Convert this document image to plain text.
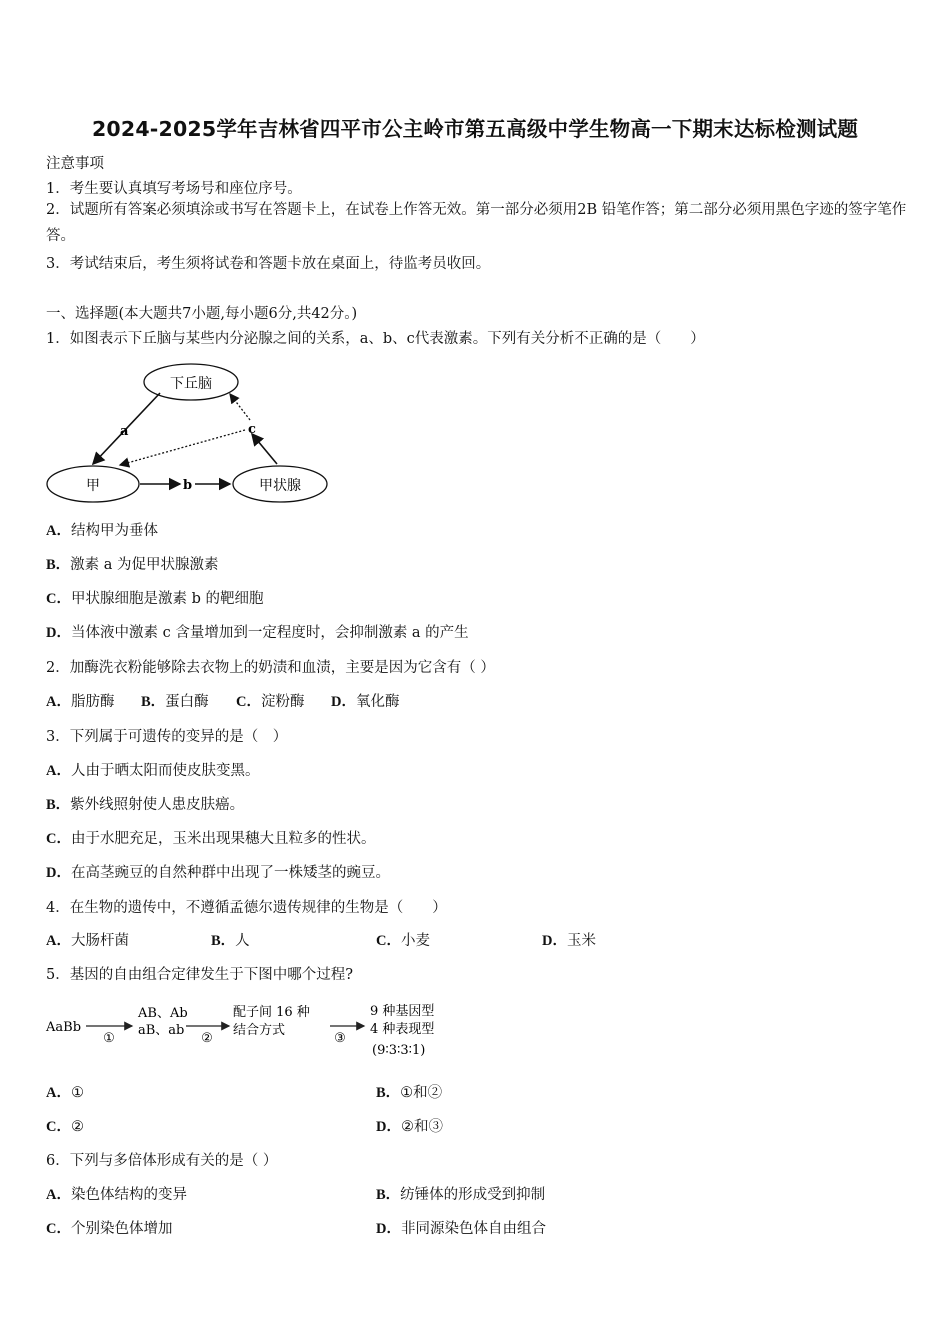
2024-2025学年吉林省四平市公主岭市第五高级中学生物高一下期末达标检测试题
注意事项
1．考生要认真填写考场号和座位序号。
2．试题所有答案必须填涂或书写在答题卡上，在试卷上作答无效。第一部分必须用2B 铅笔作答；第二部分必须用黑色字迹的签字笔作答。
3．考试结束后，考生须将试卷和答题卡放在桌面上，待监考员收回。
一、选择题(本大题共7小题,每小题6分,共42分。)
1．如图表示下丘脑与某些内分泌腺之间的关系，a、b、c代表激素。下列有关分析不正确的是（　　）
下丘脑
甲	甲状腺
a
b
c
A．结构甲为垂体
B．激素 a 为促甲状腺激素
C．甲状腺细胞是激素 b 的靶细胞
D．当体液中激素 c 含量增加到一定程度时，会抑制激素 a 的产生
2．加酶洗衣粉能够除去衣物上的奶渍和血渍，主要是因为它含有（ ）
A．脂肪酶 B．蛋白酶 C．淀粉酶 D．氧化酶
3．下列属于可遗传的变异的是（　）
A．人由于晒太阳而使皮肤变黑。
B．紫外线照射使人患皮肤癌。
C．由于水肥充足，玉米出现果穗大且粒多的性状。
D．在高茎豌豆的自然种群中出现了一株矮茎的豌豆。
4．在生物的遗传中，不遵循孟德尔遗传规律的生物是（　　）
A．大肠杆菌	B．人	C．小麦	D．玉米
5．基因的自由组合定律发生于下图中哪个过程?
AaBb
①
AB、Ab
aB、ab
②
配子间 16 种
结合方式
③
9 种基因型
4 种表现型
(9∶3∶3∶1)
A．①	B．①和②
C．②	D．②和③
6．下列与多倍体形成有关的是（ ）
A．染色体结构的变异	B．纺锤体的形成受到抑制
C．个别染色体增加	D．非同源染色体自由组合
